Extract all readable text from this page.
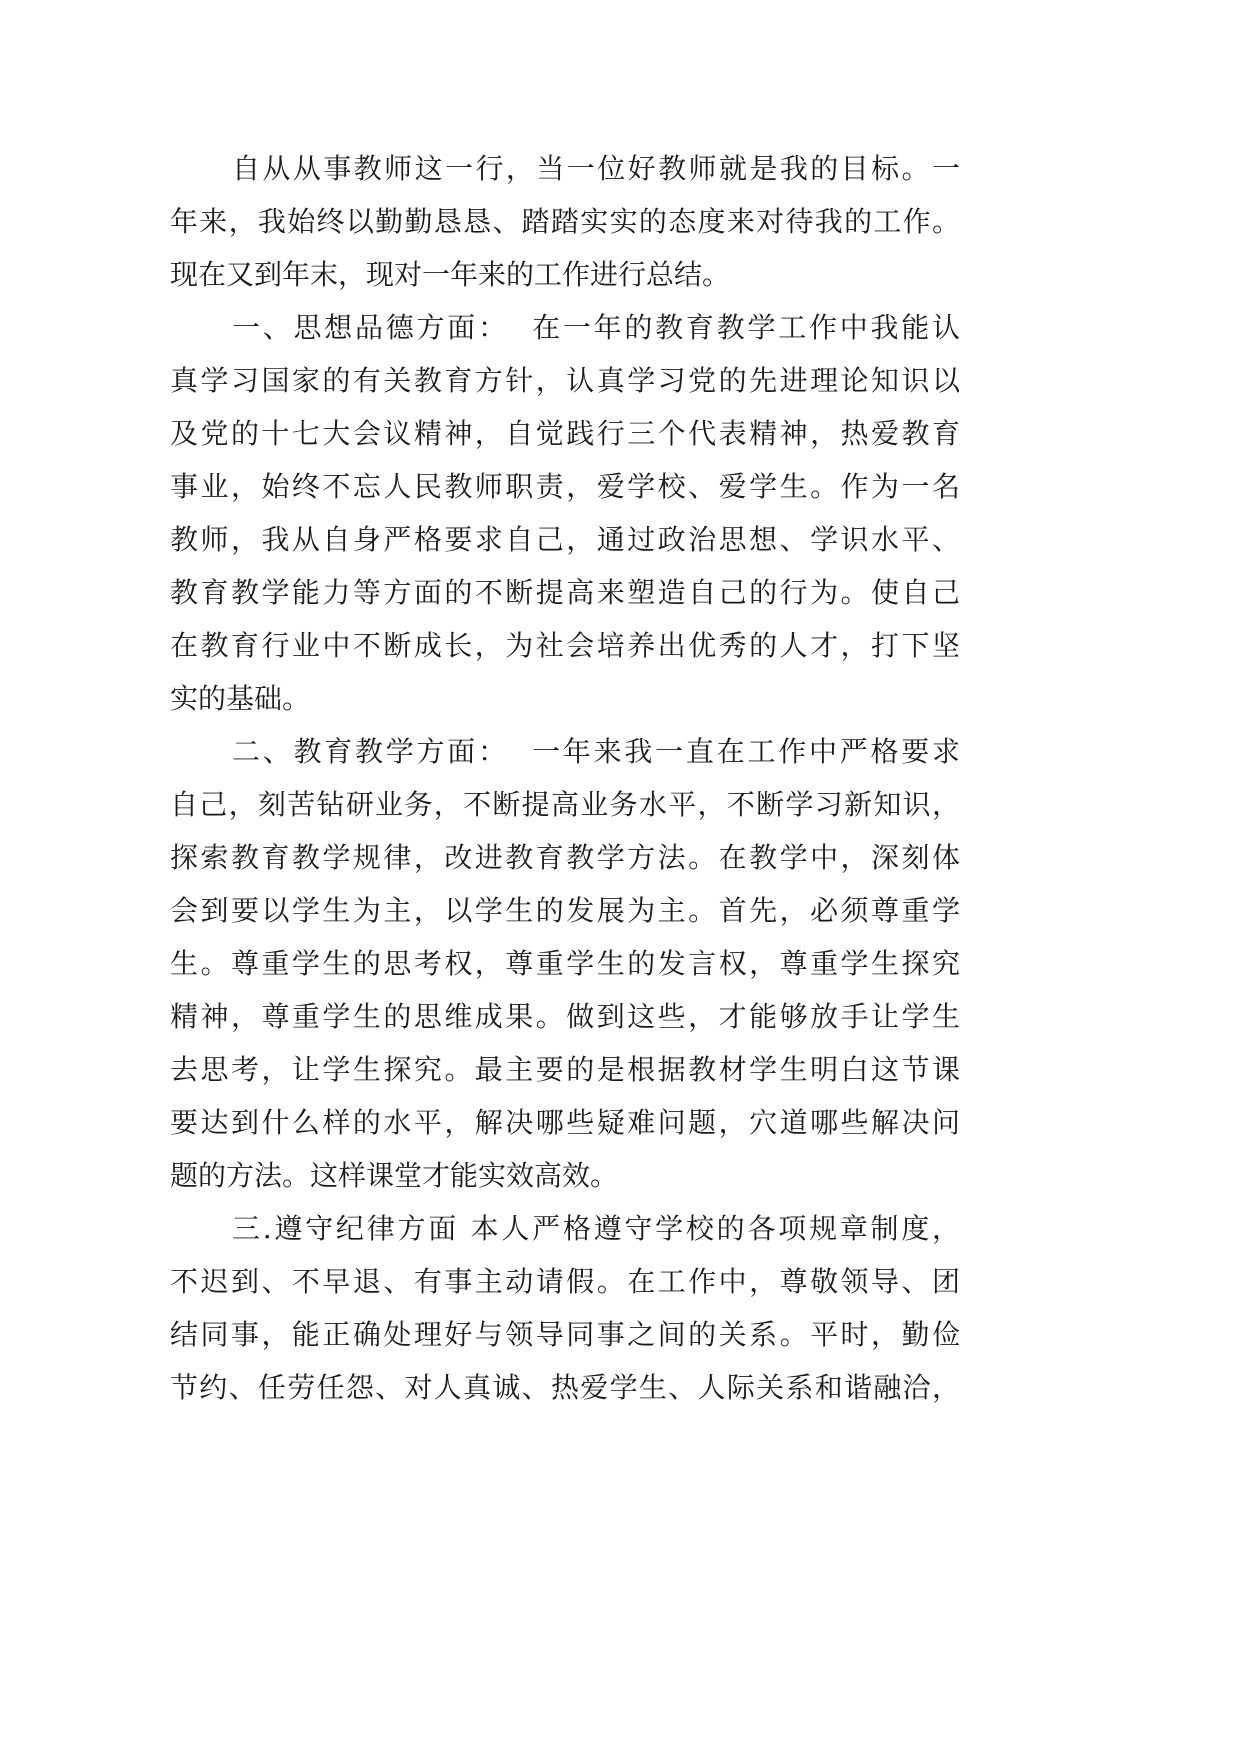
自从从事教师这一行，当一位好教师就是我的目标。一
年来，我始终以勤勤恳恳、踏踏实实的态度来对待我的工作。
现在又到年末，现对一年来的工作进行总结。
一、思想品德方面：  在一年的教育教学工作中我能认
真学习国家的有关教育方针，认真学习党的先进理论知识以
及党的十七大会议精神，自觉践行三个代表精神，热爱教育
事业，始终不忘人民教师职责，爱学校、爱学生。作为一名
教师，我从自身严格要求自己，通过政治思想、学识水平、
教育教学能力等方面的不断提高来塑造自己的行为。使自己
在教育行业中不断成长，为社会培养出优秀的人才，打下坚
实的基础。
二、教育教学方面：  一年来我一直在工作中严格要求
自己，刻苦钻研业务，不断提高业务水平，不断学习新知识，
探索教育教学规律，改进教育教学方法。在教学中，深刻体
会到要以学生为主，以学生的发展为主。首先，必须尊重学
生。尊重学生的思考权，尊重学生的发言权，尊重学生探究
精神，尊重学生的思维成果。做到这些，才能够放手让学生
去思考，让学生探究。最主要的是根据教材学生明白这节课
要达到什么样的水平，解决哪些疑难问题，穴道哪些解决问
题的方法。这样课堂才能实效高效。
三.遵守纪律方面 本人严格遵守学校的各项规章制度，
不迟到、不早退、有事主动请假。在工作中，尊敬领导、团
结同事，能正确处理好与领导同事之间的关系。平时，勤俭
节约、任劳任怨、对人真诚、热爱学生、人际关系和谐融洽，
